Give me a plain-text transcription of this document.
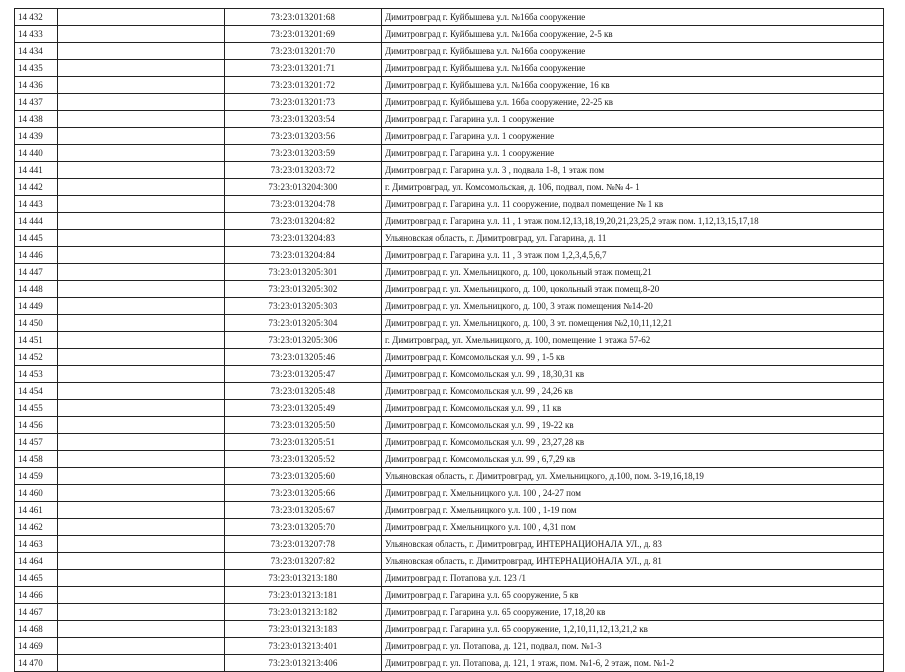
14 432		73:23:013201:68	Димитровград г. Куйбышева у.л. №16ба сооружение
14 433		73:23:013201:69	Димитровград г. Куйбышева у.л. №16ба сооружение, 2-5 кв
14 434		73:23:013201:70	Димитровград г. Куйбышева у.л. №16ба сооружение
14 435		73:23:013201:71	Димитровград г. Куйбышева у.л. №16ба сооружение
14 436		73:23:013201:72	Димитровград г. Куйбышева у.л. №16ба сооружение, 16 кв
14 437		73:23:013201:73	Димитровград г. Куйбышева у.л. 16ба сооружение, 22-25 кв
14 438		73:23:013203:54	Димитровград г. Гагарина у.л. 1 сооружение
14 439		73:23:013203:56	Димитровград г. Гагарина у.л. 1 сооружение
14 440		73:23:013203:59	Димитровград г. Гагарина у.л. 1 сооружение
14 441		73:23:013203:72	Димитровград г. Гагарина у.л. 3 , подвала 1-8, 1 этаж пом
14 442		73:23:013204:300	г. Димитровград, ул. Комсомольская, д. 106, подвал, пом. №№ 4- 1
14 443		73:23:013204:78	Димитровград г. Гагарина у.л. 11 сооружение, подвал помещение № 1 кв
14 444		73:23:013204:82	Димитровград г. Гагарина у.л. 11 , 1 этаж пом.12,13,18,19,20,21,23,25,2 этаж пом. 1,12,13,15,17,18
14 445		73:23:013204:83	Ульяновская область, г. Димитровград, ул. Гагарина, д. 11
14 446		73:23:013204:84	Димитровград г. Гагарина у.л. 11 , 3 этаж пом 1,2,3,4,5,6,7
14 447		73:23:013205:301	Димитровград г. ул. Хмельницкого, д. 100, цокольный этаж помещ.21
14 448		73:23:013205:302	Димитровград г. ул. Хмельницкого, д. 100, цокольный этаж помещ.8-20
14 449		73:23:013205:303	Димитровград г. ул. Хмельницкого, д. 100, 3 этаж помещения №14-20
14 450		73:23:013205:304	Димитровград г. ул. Хмельницкого, д. 100, 3 эт. помещения №2,10,11,12,21
14 451		73:23:013205:306	г. Димитровград, ул. Хмельницкого, д. 100, помещение 1 этажа 57-62
14 452		73:23:013205:46	Димитровград г. Комсомольская у.л. 99 , 1-5 кв
14 453		73:23:013205:47	Димитровград г. Комсомольская у.л. 99 , 18,30,31 кв
14 454		73:23:013205:48	Димитровград г. Комсомольская у.л. 99 , 24,26 кв
14 455		73:23:013205:49	Димитровград г. Комсомольская у.л. 99 , 11 кв
14 456		73:23:013205:50	Димитровград г. Комсомольская у.л. 99 , 19-22 кв
14 457		73:23:013205:51	Димитровград г. Комсомольская у.л. 99 , 23,27,28 кв
14 458		73:23:013205:52	Димитровград г. Комсомольская у.л. 99 , 6,7,29 кв
14 459		73:23:013205:60	Ульяновская область, г. Димитровград, ул. Хмельницкого, д.100, пом. 3-19,16,18,19
14 460		73:23:013205:66	Димитровград г. Хмельницкого у.л. 100 , 24-27 пом
14 461		73:23:013205:67	Димитровград г. Хмельницкого у.л. 100 , 1-19 пом
14 462		73:23:013205:70	Димитровград г. Хмельницкого у.л. 100 , 4,31 пом
14 463		73:23:013207:78	Ульяновская область, г. Димитровград, ИНТЕРНАЦИОНАЛА УЛ., д. 83
14 464		73:23:013207:82	Ульяновская область, г. Димитровград, ИНТЕРНАЦИОНАЛА УЛ., д. 81
14 465		73:23:013213:180	Димитровград г. Потапова у.л. 123 /1
14 466		73:23:013213:181	Димитровград г. Гагарина у.л. 65 сооружение, 5 кв
14 467		73:23:013213:182	Димитровград г. Гагарина у.л. 65 сооружение, 17,18,20 кв
14 468		73:23:013213:183	Димитровград г. Гагарина у.л. 65 сооружение, 1,2,10,11,12,13,21,2 кв
14 469		73:23:013213:401	Димитровград г. ул. Потапова, д. 121, подвал, пом. №1-3
14 470		73:23:013213:406	Димитровград г. ул. Потапова, д. 121, 1 этаж, пом. №1-6, 2 этаж, пом. №1-2
